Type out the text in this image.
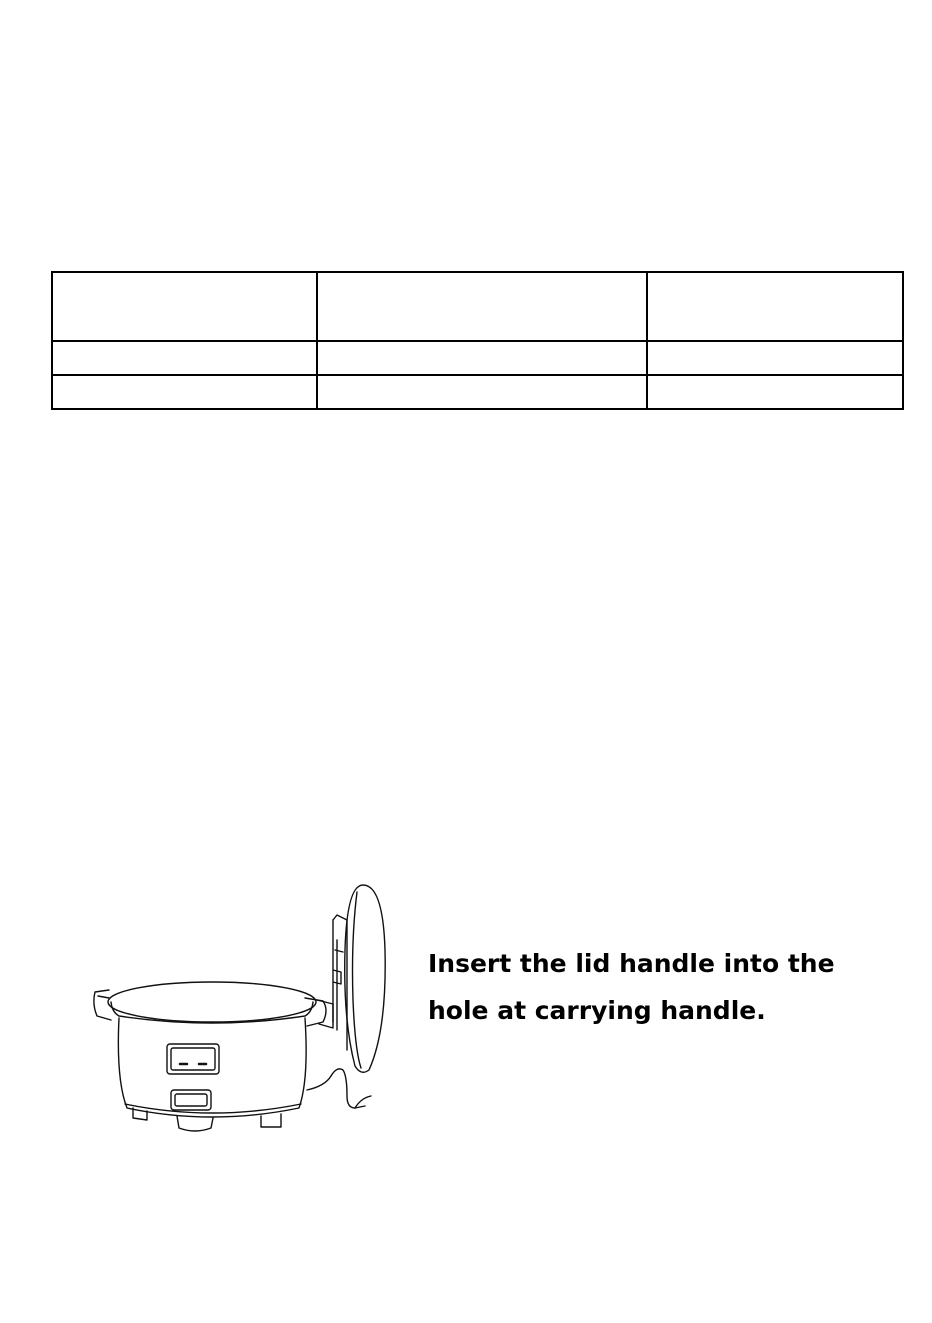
Insert the lid handle into the
hole at carrying handle.
